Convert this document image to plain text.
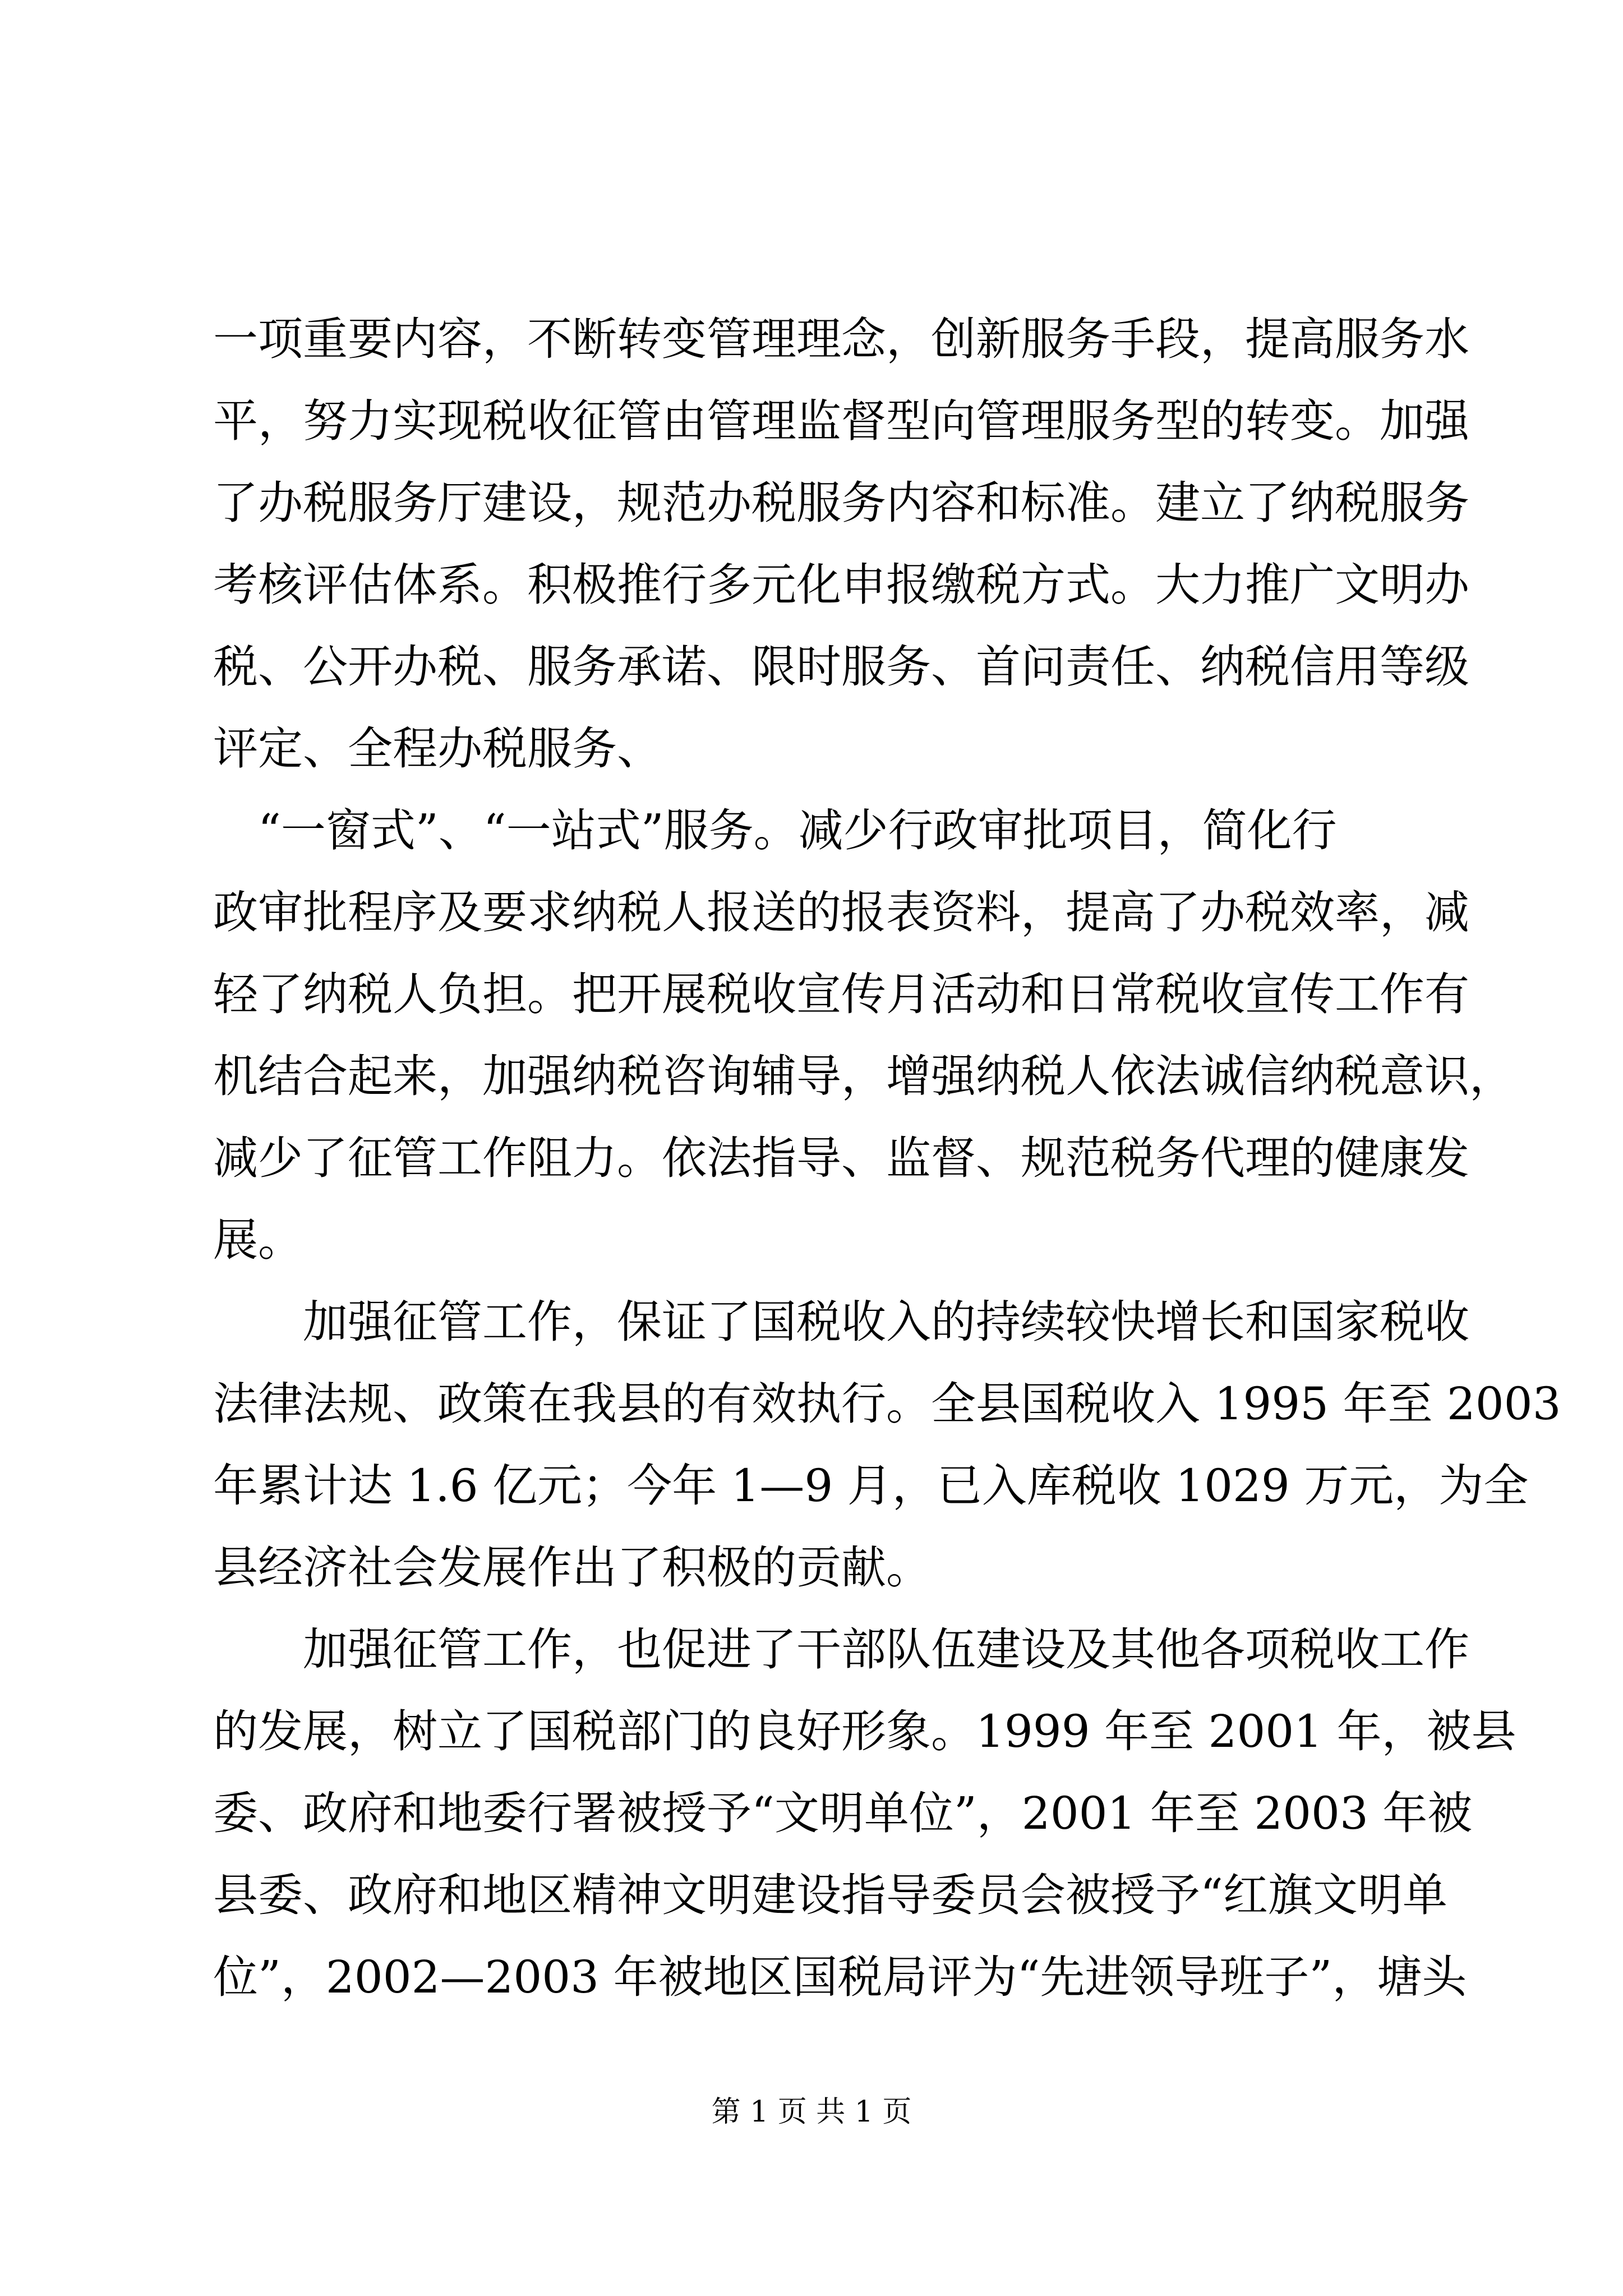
一项重要内容，不断转变管理理念，创新服务手段，提高服务水
平，努力实现税收征管由管理监督型向管理服务型的转变。加强
了办税服务厅建设，规范办税服务内容和标准。建立了纳税服务
考核评估体系。积极推行多元化申报缴税方式。大力推广文明办
税、公开办税、服务承诺、限时服务、首问责任、纳税信用等级
评定、全程办税服务、
　“一窗式”、“一站式”服务。减少行政审批项目，简化行
政审批程序及要求纳税人报送的报表资料，提高了办税效率，减
轻了纳税人负担。把开展税收宣传月活动和日常税收宣传工作有
机结合起来，加强纳税咨询辅导，增强纳税人依法诚信纳税意识，
减少了征管工作阻力。依法指导、监督、规范税务代理的健康发
展。
　　加强征管工作，保证了国税收入的持续较快增长和国家税收
法律法规、政策在我县的有效执行。全县国税收入 1995 年至 2003
年累计达 1.6 亿元；今年 1—9 月，已入库税收 1029 万元，为全
县经济社会发展作出了积极的贡献。
　　加强征管工作，也促进了干部队伍建设及其他各项税收工作
的发展，树立了国税部门的良好形象。1999 年至 2001 年，被县
委、政府和地委行署被授予“文明单位”，2001 年至 2003 年被
县委、政府和地区精神文明建设指导委员会被授予“红旗文明单
位”，2002—2003 年被地区国税局评为“先进领导班子”，塘头
第 1 页 共 1 页
